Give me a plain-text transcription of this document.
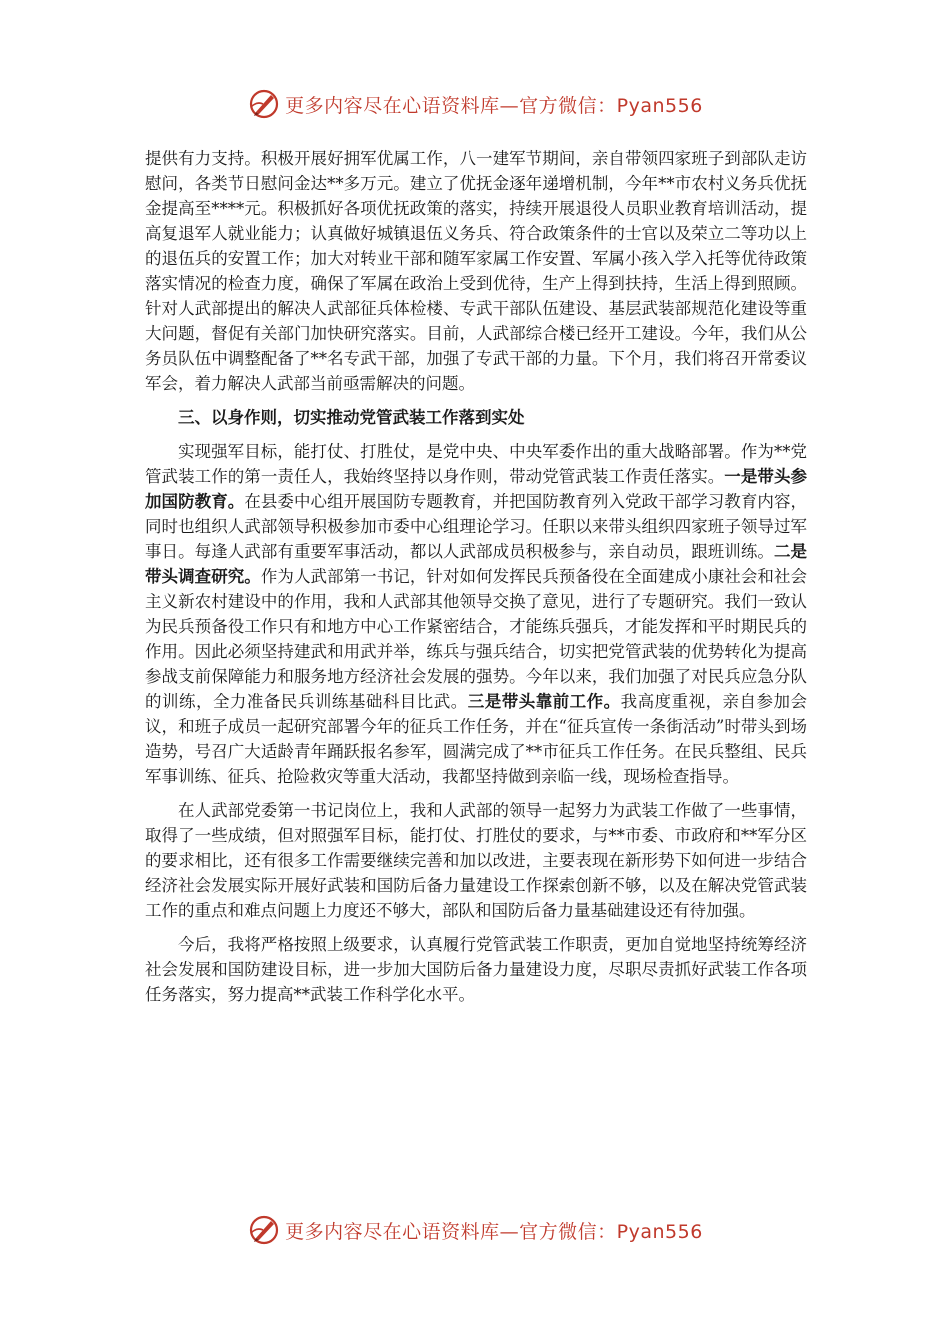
更多内容尽在心语资料库—官方微信：Pyan556

提供有力支持。积极开展好拥军优属工作，八一建军节期间，亲自带领四家班子到部队走访慰问，各类节日慰问金达**多万元。建立了优抚金逐年递增机制，今年**市农村义务兵优抚金提高至****元。积极抓好各项优抚政策的落实，持续开展退役人员职业教育培训活动，提高复退军人就业能力；认真做好城镇退伍义务兵、符合政策条件的士官以及荣立二等功以上的退伍兵的安置工作；加大对转业干部和随军家属工作安置、军属小孩入学入托等优待政策落实情况的检查力度，确保了军属在政治上受到优待，生产上得到扶持，生活上得到照顾。针对人武部提出的解决人武部征兵体检楼、专武干部队伍建设、基层武装部规范化建设等重大问题，督促有关部门加快研究落实。目前，人武部综合楼已经开工建设。今年，我们从公务员队伍中调整配备了**名专武干部，加强了专武干部的力量。下个月，我们将召开常委议军会，着力解决人武部当前亟需解决的问题。

三、以身作则，切实推动党管武装工作落到实处

实现强军目标，能打仗、打胜仗，是党中央、中央军委作出的重大战略部署。作为**党管武装工作的第一责任人，我始终坚持以身作则，带动党管武装工作责任落实。一是带头参加国防教育。在县委中心组开展国防专题教育，并把国防教育列入党政干部学习教育内容，同时也组织人武部领导积极参加市委中心组理论学习。任职以来带头组织四家班子领导过军事日。每逢人武部有重要军事活动，都以人武部成员积极参与，亲自动员，跟班训练。二是带头调查研究。作为人武部第一书记，针对如何发挥民兵预备役在全面建成小康社会和社会主义新农村建设中的作用，我和人武部其他领导交换了意见，进行了专题研究。我们一致认为民兵预备役工作只有和地方中心工作紧密结合，才能练兵强兵，才能发挥和平时期民兵的作用。因此必须坚持建武和用武并举，练兵与强兵结合，切实把党管武装的优势转化为提高参战支前保障能力和服务地方经济社会发展的强势。今年以来，我们加强了对民兵应急分队的训练，全力准备民兵训练基础科目比武。三是带头靠前工作。我高度重视，亲自参加会议，和班子成员一起研究部署今年的征兵工作任务，并在“征兵宣传一条街活动”时带头到场造势，号召广大适龄青年踊跃报名参军，圆满完成了**市征兵工作任务。在民兵整组、民兵军事训练、征兵、抢险救灾等重大活动，我都坚持做到亲临一线，现场检查指导。

在人武部党委第一书记岗位上，我和人武部的领导一起努力为武装工作做了一些事情，取得了一些成绩，但对照强军目标，能打仗、打胜仗的要求，与**市委、市政府和**军分区的要求相比，还有很多工作需要继续完善和加以改进，主要表现在新形势下如何进一步结合经济社会发展实际开展好武装和国防后备力量建设工作探索创新不够，以及在解决党管武装工作的重点和难点问题上力度还不够大，部队和国防后备力量基础建设还有待加强。

今后，我将严格按照上级要求，认真履行党管武装工作职责，更加自觉地坚持统筹经济社会发展和国防建设目标，进一步加大国防后备力量建设力度，尽职尽责抓好武装工作各项任务落实，努力提高**武装工作科学化水平。

更多内容尽在心语资料库—官方微信：Pyan556
